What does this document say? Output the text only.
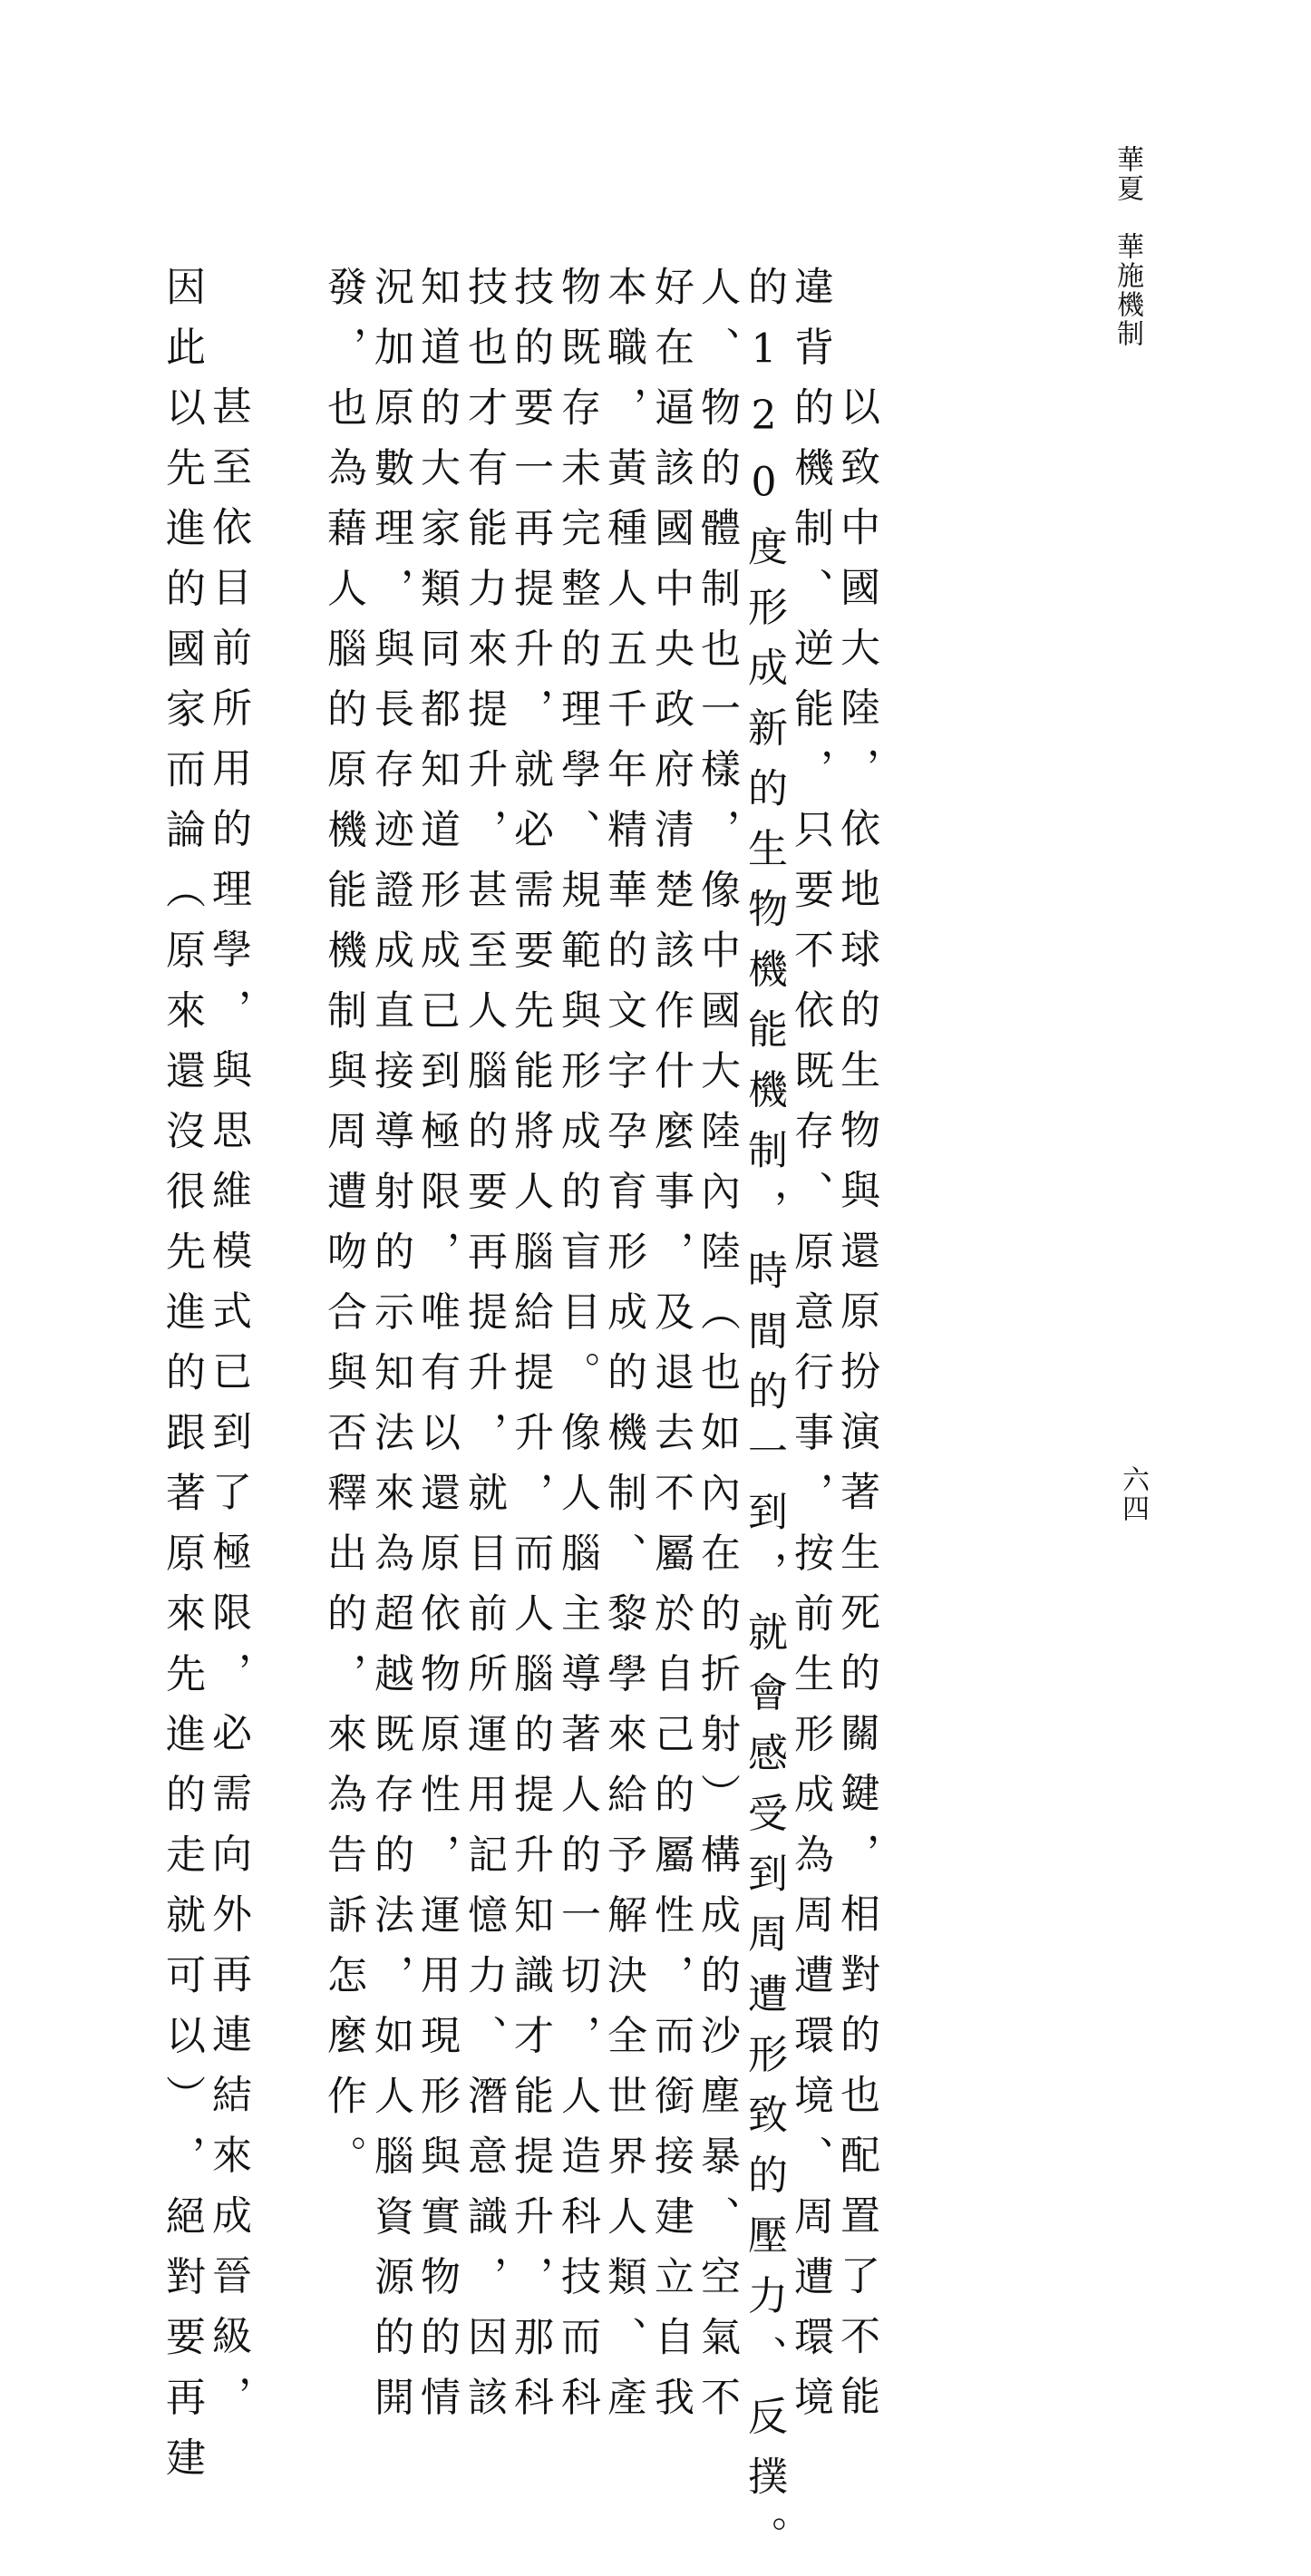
華夏　華施機制
六四
以致中國大陸，依地球的生物與還原扮演著生死的關鍵，相對的也配置了不能
違背的機制、逆能，只要不依既存、原意行事，按前生形成為周遭環境、周遭環境
的120度形成新的生物機能機制，時間的一到，就會感受到周遭形致的壓力、反撲。
人、物的體制也一樣，像中國大陸內陸︵也如內在的折射︶構成的沙塵暴、空氣不
好在逼該國中央政府清楚該作什麼事，及退去不屬於自己的屬性，而銜接建立自我
本職，黃種人五千年精華的文字孕育形成的機制、黎學來給予解決全世界人類、產
物既存未完整的理學、規範與形成的盲目。像人腦主導著人的一切，人造科技而科
技的要一再提升，就必需要先能將人腦給提升，而人腦的提升知識才能提升，那科
技也才有能力來提升，甚至人腦的要再提升，就目前所運用記憶力、潛意識，因該
知道的大家類同都知道形成已到極限，唯有以還原依物原性，運用現形與實物的情
況加原數理，與長存迹證成直接導射的示知法來為超越既存的法，如人腦資源的開
發，也為藉人腦的原機能機制與周遭吻合與否釋出的，來為告訴怎麼作。
甚至依目前所用的理學，與思維模式已到了極限，必需向外再連結來成晉級，
因此以先進的國家而論︵原來還沒很先進的跟著原來先進的走就可以︶，絕對要再建
